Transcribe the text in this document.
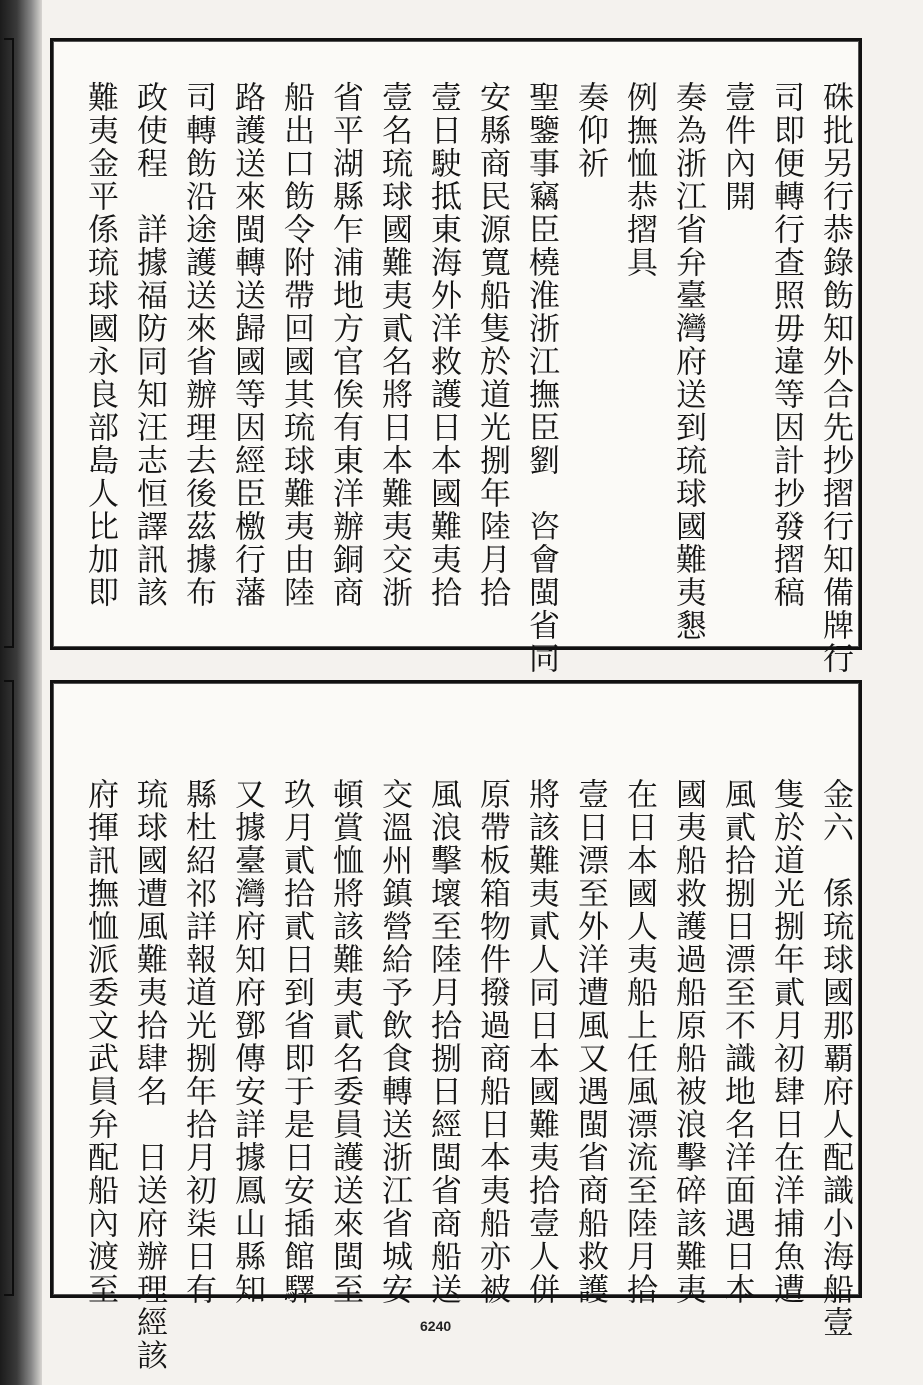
硃批另行恭錄飭知外合先抄摺行知備牌行
司即便轉行查照毋違等因計抄發摺稿
壹件內開
奏為浙江省弁臺灣府送到琉球國難夷懇
例撫恤恭摺具
奏仰祈
聖鑒事竊臣橈淮浙江撫臣劉　咨會閩省同
安縣商民源寬船隻於道光捌年陸月拾
壹日駛抵東海外洋救護日本國難夷拾
壹名琉球國難夷貳名將日本難夷交浙
省平湖縣乍浦地方官俟有東洋辦銅商
船出口飭令附帶回國其琉球難夷由陸
路護送來閩轉送歸國等因經臣檄行藩
司轉飭沿途護送來省辦理去後茲據布
政使程　詳據福防同知汪志恒譯訊該
難夷金平係琉球國永良部島人比加即
金六　係琉球國那覇府人配識小海船壹
隻於道光捌年貳月初肆日在洋捕魚遭
風貳拾捌日漂至不識地名洋面遇日本
國夷船救護過船原船被浪擊碎該難夷
在日本國人夷船上任風漂流至陸月拾
壹日漂至外洋遭風又遇閩省商船救護
將該難夷貳人同日本國難夷拾壹人併
原帶板箱物件撥過商船日本夷船亦被
風浪擊壞至陸月拾捌日經閩省商船送
交溫州鎮營給予飲食轉送浙江省城安
頓賞恤將該難夷貳名委員護送來閩至
玖月貳拾貳日到省即于是日安插館驛
又據臺灣府知府鄧傳安詳據鳳山縣知
縣杜紹祁詳報道光捌年拾月初柒日有
琉球國遭風難夷拾肆名　日送府辦理經該
府揮訊撫恤派委文武員弁配船內渡至
6240
